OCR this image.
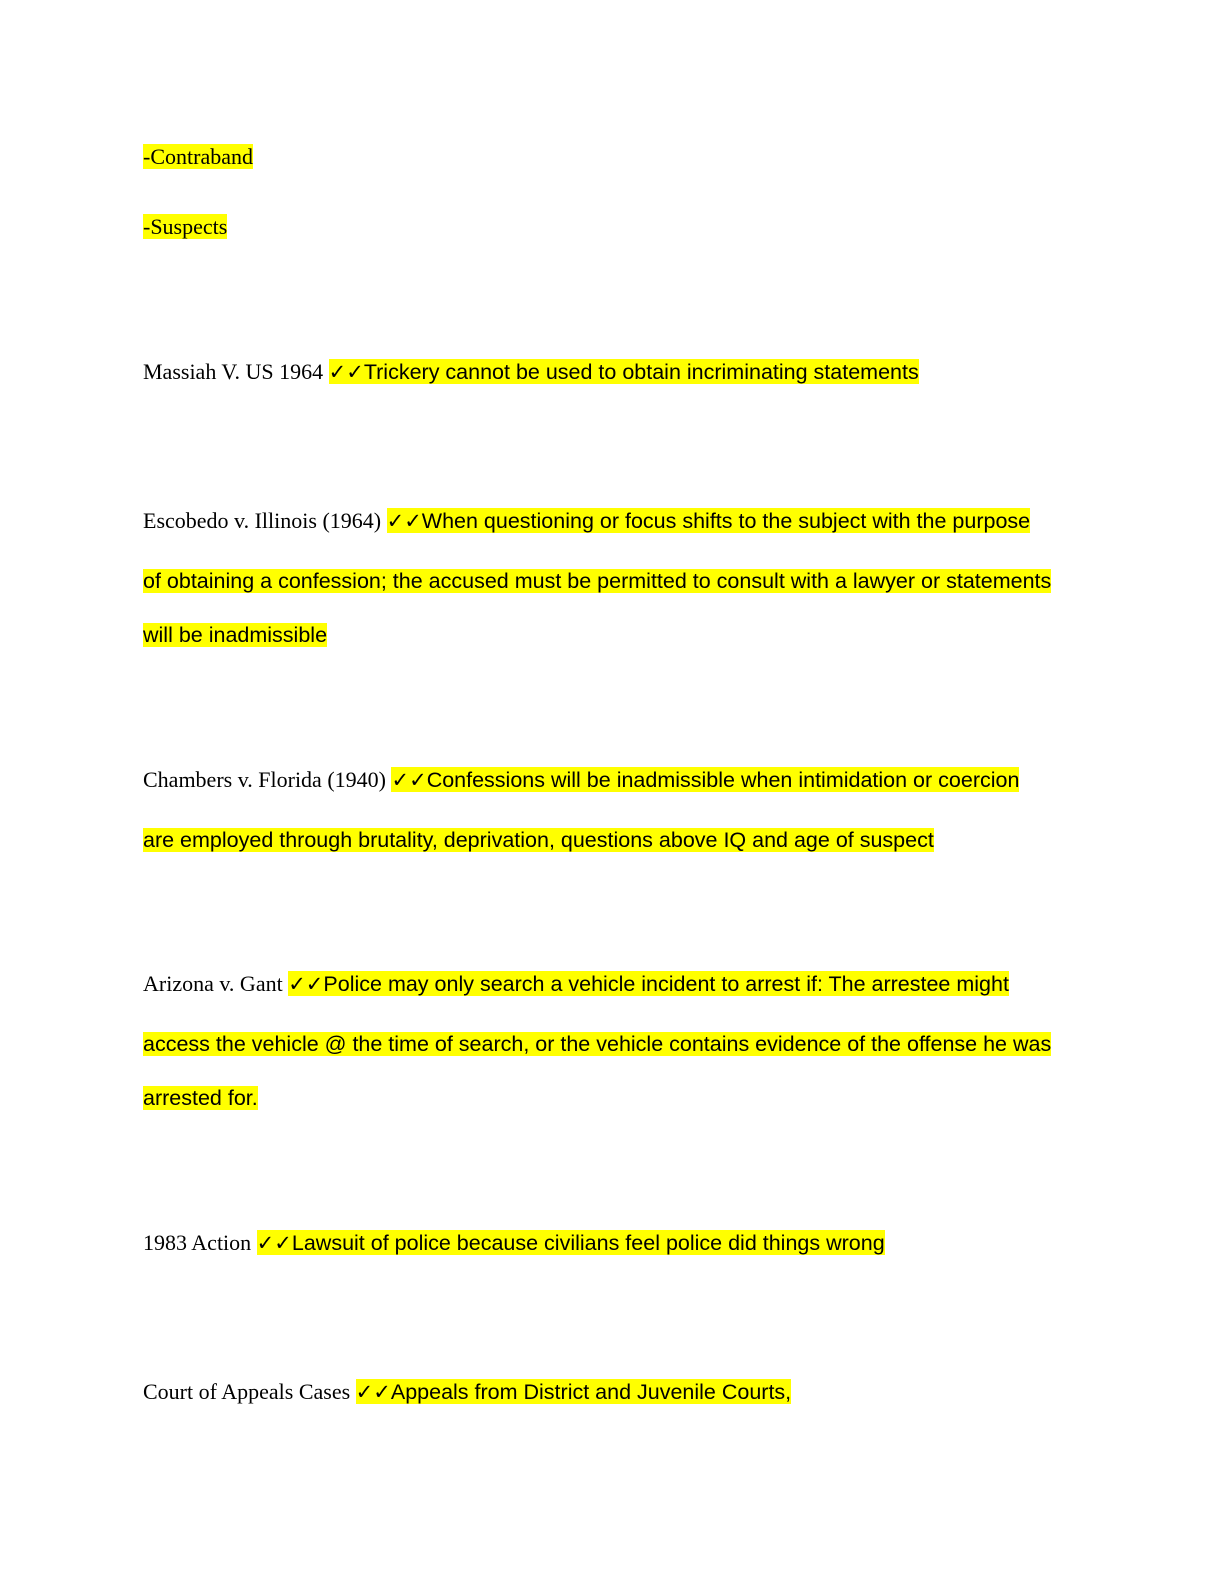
-Contraband
-Suspects
Massiah V. US 1964 ✓✓Trickery cannot be used to obtain incriminating statements
Escobedo v. Illinois (1964) ✓✓When questioning or focus shifts to the subject with the purpose
of obtaining a confession; the accused must be permitted to consult with a lawyer or statements
will be inadmissible
Chambers v. Florida (1940) ✓✓Confessions will be inadmissible when intimidation or coercion
are employed through brutality, deprivation, questions above IQ and age of suspect
Arizona v. Gant ✓✓Police may only search a vehicle incident to arrest if: The arrestee might
access the vehicle @ the time of search, or the vehicle contains evidence of the offense he was
arrested for.
1983 Action ✓✓Lawsuit of police because civilians feel police did things wrong
Court of Appeals Cases ✓✓Appeals from District and Juvenile Courts,
